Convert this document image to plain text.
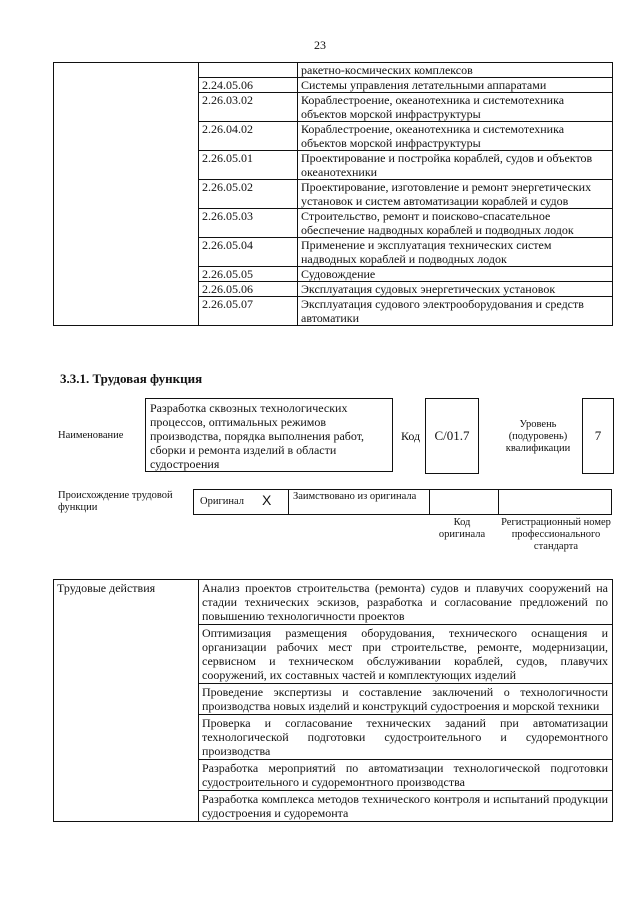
23
		ракетно-космических комплексов
	2.24.05.06	Системы управления летательными аппаратами
	2.26.03.02	Кораблестроение, океанотехника и системотехника объектов морской инфраструктуры
	2.26.04.02	Кораблестроение, океанотехника и системотехника объектов морской инфраструктуры
	2.26.05.01	Проектирование и постройка кораблей, судов и объектов океанотехники
	2.26.05.02	Проектирование, изготовление и ремонт энергетических установок и систем автоматизации кораблей и судов
	2.26.05.03	Строительство, ремонт и поисково-спасательное обеспечение надводных кораблей и подводных лодок
	2.26.05.04	Применение и эксплуатация технических систем надводных кораблей и подводных лодок
	2.26.05.05	Судовождение
	2.26.05.06	Эксплуатация судовых энергетических установок
	2.26.05.07	Эксплуатация судового электрооборудования и средств автоматики
3.3.1. Трудовая функция
Наименование
Разработка сквозных технологических процессов, оптимальных режимов производства, порядка выполнения работ, сборки и ремонта изделий в области судостроения
Код	C/01.7
Уровень (подуровень) квалификации
7
Происхождение трудовой функции
Оригинал X	Заимствовано из оригинала
Код оригинала
Регистрационный номер профессионального стандарта
Трудовые действия	Анализ проектов строительства (ремонта) судов и плавучих сооружений на стадии технических эскизов, разработка и согласование предложений по повышению технологичности проектов
Оптимизация размещения оборудования, технического оснащения и организации рабочих мест при строительстве, ремонте, модернизации, сервисном и техническом обслуживании кораблей, судов, плавучих сооружений, их составных частей и комплектующих изделий
Проведение экспертизы и составление заключений о технологичности производства новых изделий и конструкций судостроения и морской техники
Проверка и согласование технических заданий при автоматизации технологической подготовки судостроительного и судоремонтного производства
Разработка мероприятий по автоматизации технологической подготовки судостроительного и судоремонтного производства
Разработка комплекса методов технического контроля и испытаний продукции судостроения и судоремонта
